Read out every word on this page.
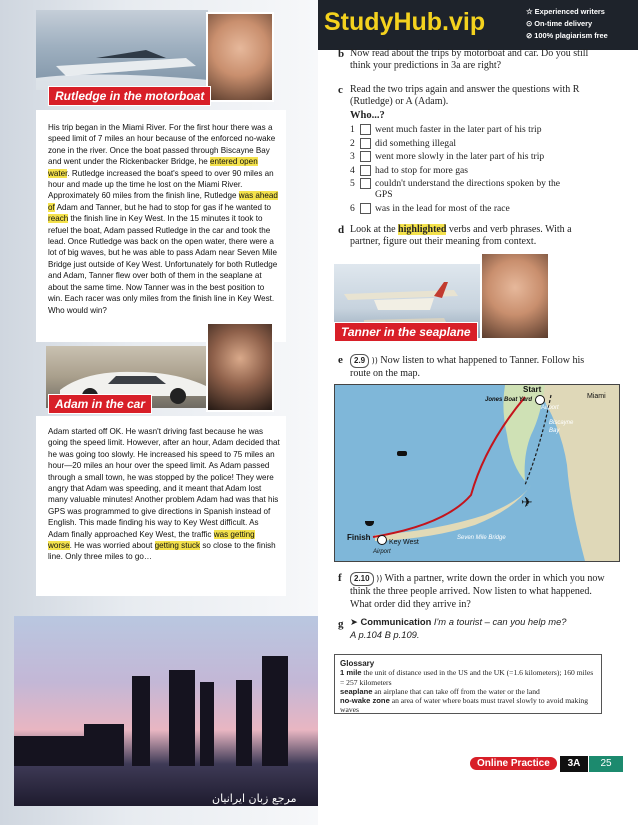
Rutledge in the motorboat
His trip began in the Miami River. For the first hour there was a speed limit of 7 miles an hour because of the enforced no-wake zone in the river. Once the boat passed through Biscayne Bay and went under the Rickenbacker Bridge, he entered open water. Rutledge increased the boat's speed to over 90 miles an hour and made up the time he lost on the Miami River. Approximately 60 miles from the finish line, Rutledge was ahead of Adam and Tanner, but he had to stop for gas if he wanted to reach the finish line in Key West. In the 15 minutes it took to refuel the boat, Adam passed Rutledge in the car and took the lead. Once Rutledge was back on the open water, there were a lot of big waves, but he was able to pass Adam near Seven Mile Bridge just outside of Key West. Unfortunately for both Rutledge and Adam, Tanner flew over both of them in the seaplane at about the same time. Now Tanner was in the best position to win. Each racer was only miles from the finish line in Key West. Who would win?
Adam in the car
Adam started off OK. He wasn't driving fast because he was going the speed limit. However, after an hour, Adam decided that he was going too slowly. He increased his speed to 75 miles an hour—20 miles an hour over the speed limit. As Adam passed through a small town, he was stopped by the police! They were angry that Adam was speeding, and it meant that Adam lost many valuable minutes! Another problem Adam had was that his GPS was programmed to give directions in Spanish instead of English. This made finding his way to Key West difficult. As Adam finally approached Key West, the traffic was getting worse. He was worried about getting stuck so close to the finish line. Only three miles to go…
مرجع زبان ایرانیان
StudyHub.vip	☆ Experienced writers
⊙ On-time delivery
⊘ 100% plagiarism free
b Now read about the trips by motorboat and car. Do you still think your predictions in 3a are right?
c Read the two trips again and answer the questions with R (Rutledge) or A (Adam).
Who...?
1	went much faster in the later part of his trip
2	did something illegal
3	went more slowly in the later part of his trip
4	had to stop for more gas
5	couldn't understand the directions spoken by the GPS
6	was in the lead for most of the race
d Look at the highlighted verbs and verb phrases. With a partner, figure out their meaning from context.
Tanner in the seaplane
e	2.9 )) Now listen to what happened to Tanner. Follow his route on the map.
Start
Miami
Jones Boat Yard
Airport
Biscayne
Bay
Finish
Key West
Airport
Seven Mile Bridge
✈
f	2.10 )) With a partner, write down the order in which you now think the three people arrived. Now listen to what happened. What order did they arrive in?
g ➤ Communication I'm a tourist – can you help me?
A p.104 B p.109.
Glossary
1 mile the unit of distance used in the US and the UK (=1.6 kilometers); 160 miles = 257 kilometers
seaplane an airplane that can take off from the water or the land
no-wake zone an area of water where boats must travel slowly to avoid making waves
Online Practice	3A	25
